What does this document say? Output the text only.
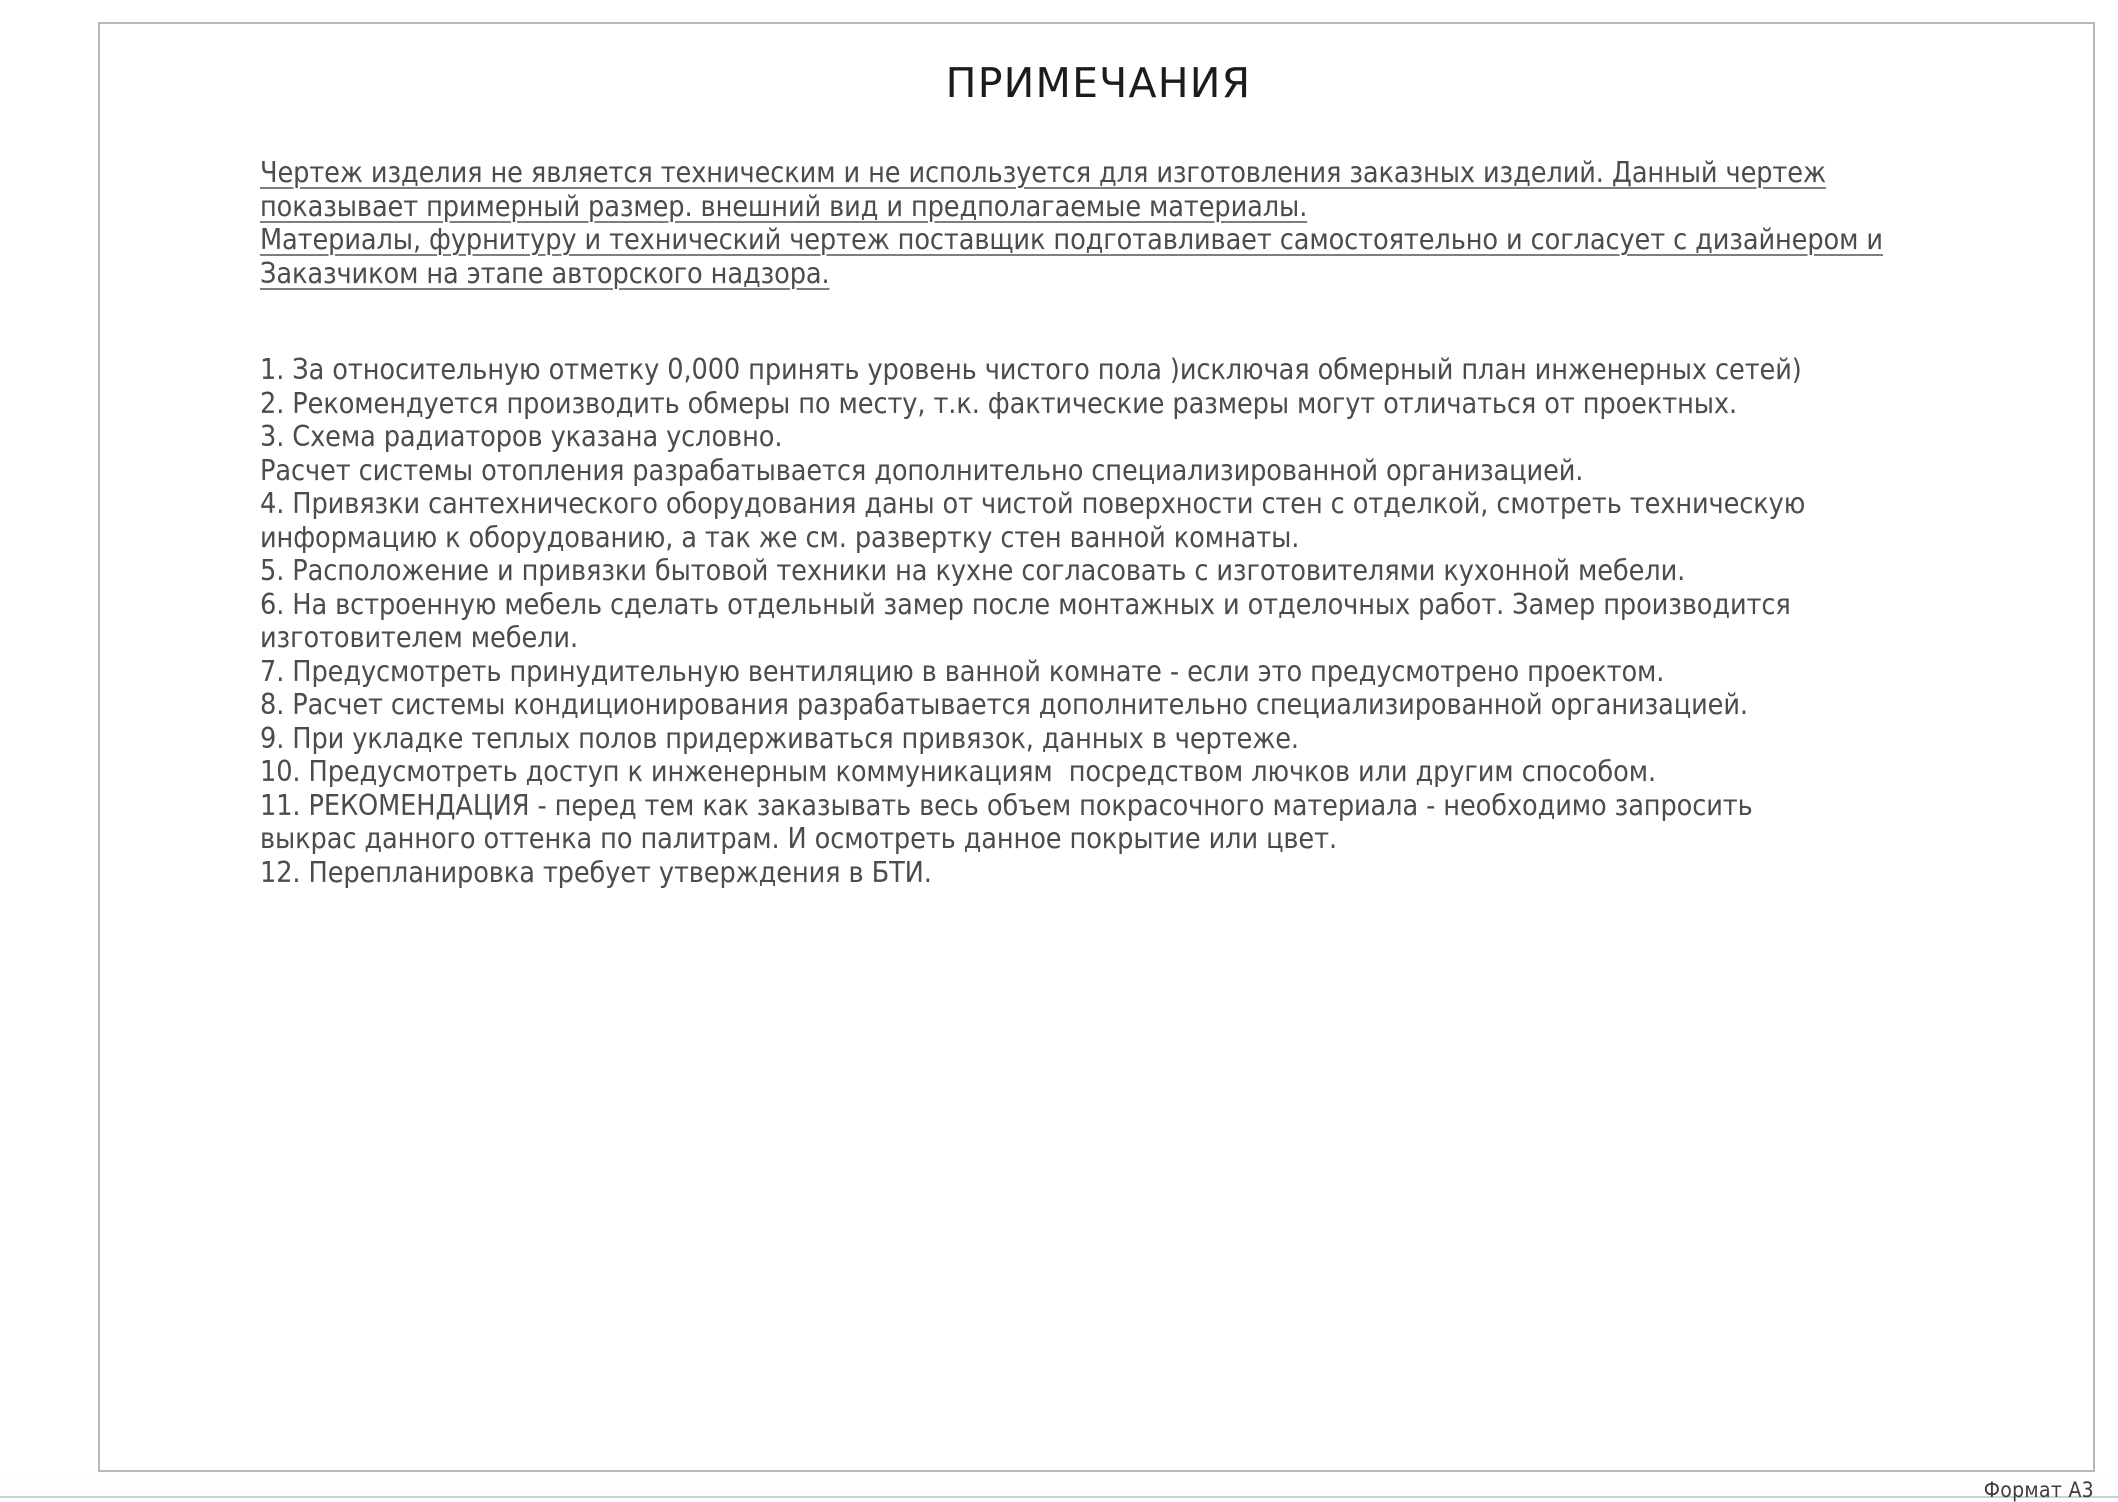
ПРИМЕЧАНИЯ
Чертеж изделия не является техническим и не используется для изготовления заказных изделий. Данный чертеж
показывает примерный размер. внешний вид и предполагаемые материалы.
Материалы, фурнитуру и технический чертеж поставщик подготавливает самостоятельно и согласует с дизайнером и
Заказчиком на этапе авторского надзора.
1. За относительную отметку 0,000 принять уровень чистого пола )исключая обмерный план инженерных сетей)
2. Рекомендуется производить обмеры по месту, т.к. фактические размеры могут отличаться от проектных.
3. Схема радиаторов указана условно.
Расчет системы отопления разрабатывается дополнительно специализированной организацией.
4. Привязки сантехнического оборудования даны от чистой поверхности стен с отделкой, смотреть техническую
информацию к оборудованию, а так же см. развертку стен ванной комнаты.
5. Расположение и привязки бытовой техники на кухне согласовать с изготовителями кухонной мебели.
6. На встроенную мебель сделать отдельный замер после монтажных и отделочных работ. Замер производится
изготовителем мебели.
7. Предусмотреть принудительную вентиляцию в ванной комнате - если это предусмотрено проектом.
8. Расчет системы кондиционирования разрабатывается дополнительно специализированной организацией.
9. При укладке теплых полов придерживаться привязок, данных в чертеже.
10. Предусмотреть доступ к инженерным коммуникациям  посредством лючков или другим способом.
11. РЕКОМЕНДАЦИЯ - перед тем как заказывать весь объем покрасочного материала - необходимо запросить
выкрас данного оттенка по палитрам. И осмотреть данное покрытие или цвет.
12. Перепланировка требует утверждения в БТИ.
Формат А3
